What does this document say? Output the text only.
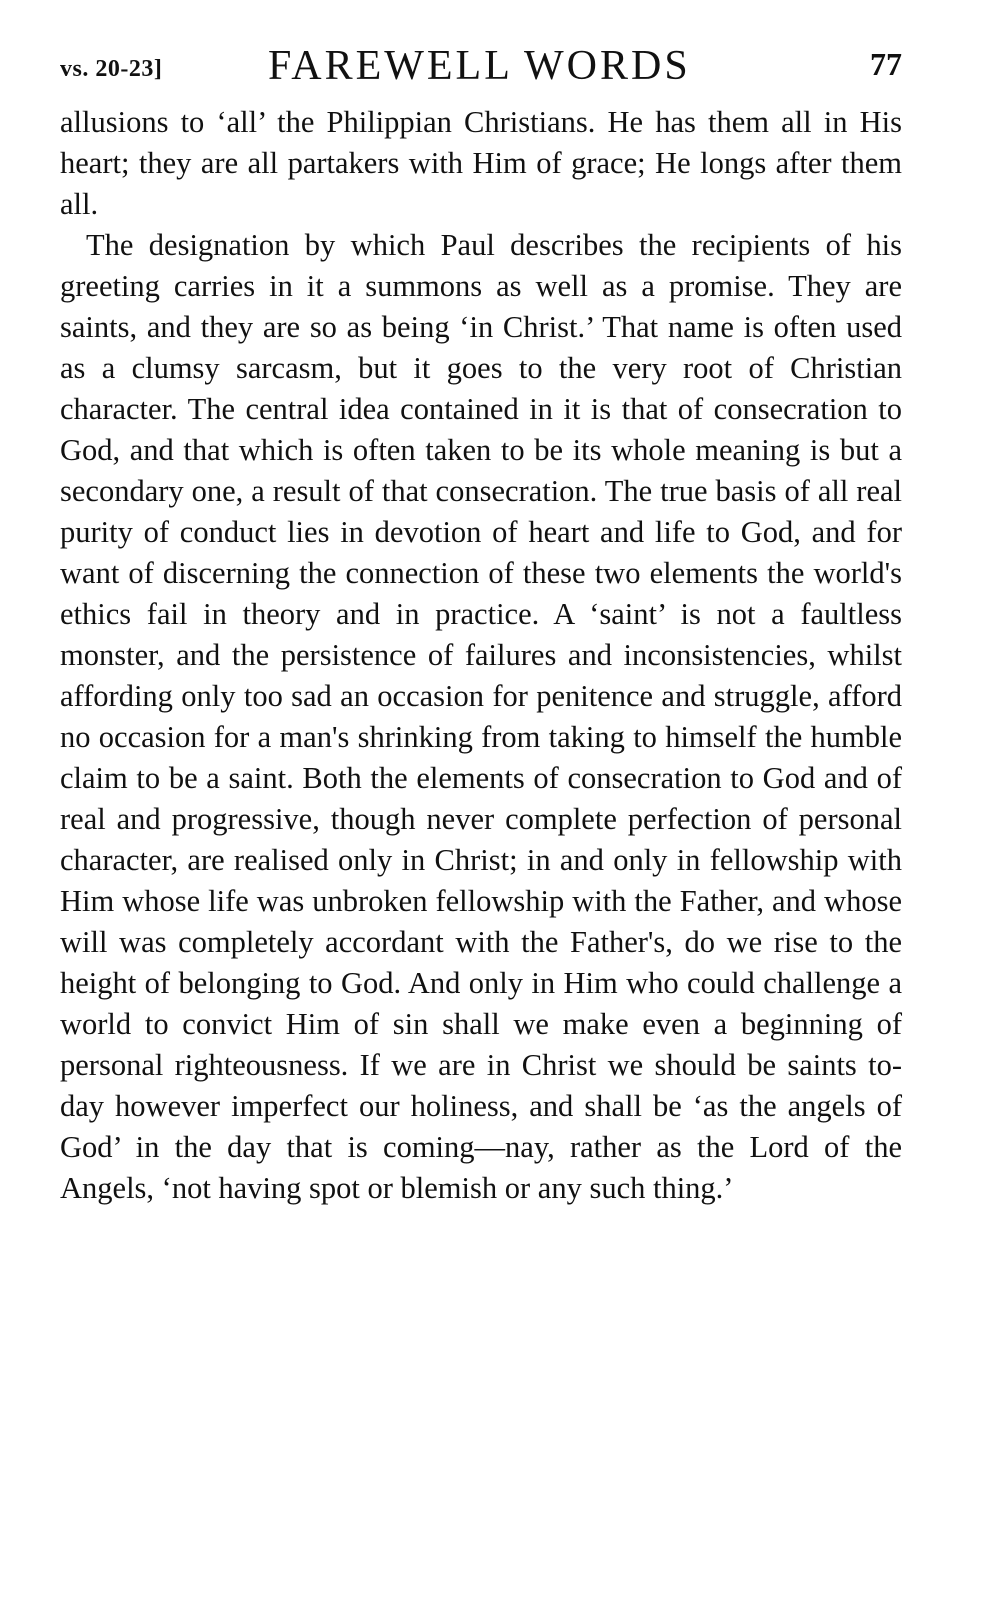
vs. 20-23]	FAREWELL WORDS	77

allusions to ‘all’ the Philippian Christians. He has them all in His heart; they are all partakers with Him of grace; He longs after them all.

The designation by which Paul describes the recipients of his greeting carries in it a summons as well as a promise. They are saints, and they are so as being ‘in Christ.’ That name is often used as a clumsy sarcasm, but it goes to the very root of Christian character. The central idea contained in it is that of consecration to God, and that which is often taken to be its whole meaning is but a secondary one, a result of that consecration. The true basis of all real purity of conduct lies in devotion of heart and life to God, and for want of discerning the connection of these two elements the world's ethics fail in theory and in practice. A ‘saint’ is not a faultless monster, and the persistence of failures and inconsistencies, whilst affording only too sad an occasion for penitence and struggle, afford no occasion for a man's shrinking from taking to himself the humble claim to be a saint. Both the elements of consecration to God and of real and progressive, though never complete perfection of personal character, are realised only in Christ; in and only in fellowship with Him whose life was unbroken fellowship with the Father, and whose will was completely accordant with the Father's, do we rise to the height of belonging to God. And only in Him who could challenge a world to convict Him of sin shall we make even a beginning of personal righteousness. If we are in Christ we should be saints to-day however imperfect our holiness, and shall be ‘as the angels of God’ in the day that is coming—nay, rather as the Lord of the Angels, ‘not having spot or blemish or any such thing.’
